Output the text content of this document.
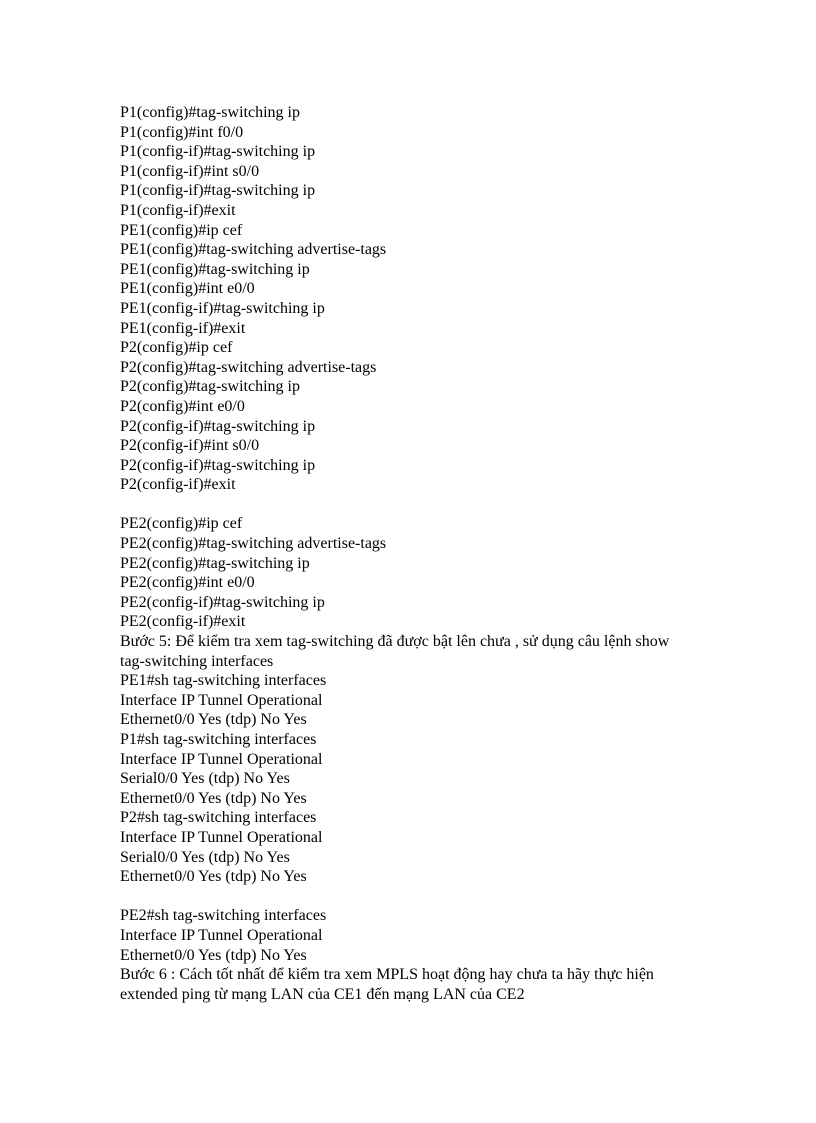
P1(config)#tag-switching ip
P1(config)#int f0/0
P1(config-if)#tag-switching ip
P1(config-if)#int s0/0
P1(config-if)#tag-switching ip
P1(config-if)#exit
PE1(config)#ip cef
PE1(config)#tag-switching advertise-tags
PE1(config)#tag-switching ip
PE1(config)#int e0/0
PE1(config-if)#tag-switching ip
PE1(config-if)#exit
P2(config)#ip cef
P2(config)#tag-switching advertise-tags
P2(config)#tag-switching ip
P2(config)#int e0/0
P2(config-if)#tag-switching ip
P2(config-if)#int s0/0
P2(config-if)#tag-switching ip
P2(config-if)#exit
PE2(config)#ip cef
PE2(config)#tag-switching advertise-tags
PE2(config)#tag-switching ip
PE2(config)#int e0/0
PE2(config-if)#tag-switching ip
PE2(config-if)#exit
Bước 5: Để kiểm tra xem tag-switching đã được bật lên chưa , sử dụng câu lệnh show
tag-switching interfaces
PE1#sh tag-switching interfaces
Interface IP Tunnel Operational
Ethernet0/0 Yes (tdp) No Yes
P1#sh tag-switching interfaces
Interface IP Tunnel Operational
Serial0/0 Yes (tdp) No Yes
Ethernet0/0 Yes (tdp) No Yes
P2#sh tag-switching interfaces
Interface IP Tunnel Operational
Serial0/0 Yes (tdp) No Yes
Ethernet0/0 Yes (tdp) No Yes
PE2#sh tag-switching interfaces
Interface IP Tunnel Operational
Ethernet0/0 Yes (tdp) No Yes
Bước 6 : Cách tốt nhất để kiểm tra xem MPLS hoạt động hay chưa ta hãy thực hiện
extended ping từ mạng LAN của CE1 đến mạng LAN của CE2
